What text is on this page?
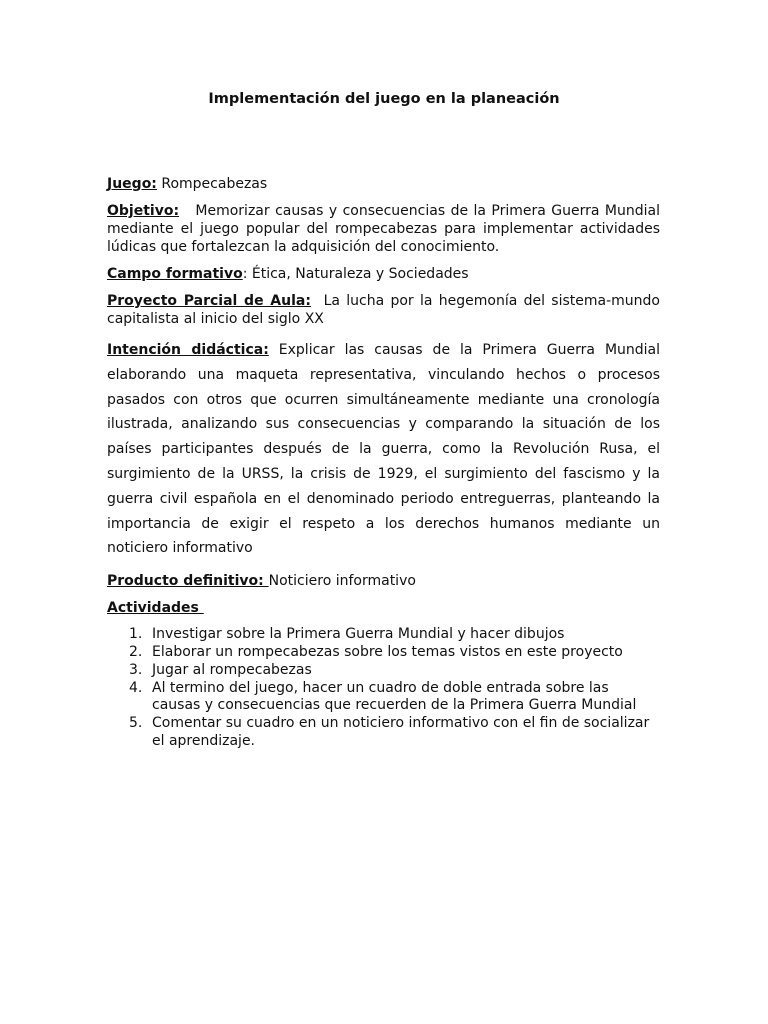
Implementación del juego en la planeación

Juego: Rompecabezas

Objetivo:   Memorizar causas y consecuencias de la Primera Guerra Mundial mediante el juego popular del rompecabezas para implementar actividades lúdicas que fortalezcan la adquisición del conocimiento.

Campo formativo: Ética, Naturaleza y Sociedades

Proyecto Parcial de Aula:  La lucha por la hegemonía del sistema-mundo capitalista al inicio del siglo XX

Intención didáctica: Explicar las causas de la Primera Guerra Mundial elaborando una maqueta representativa, vinculando hechos o procesos pasados con otros que ocurren simultáneamente mediante una cronología ilustrada, analizando sus consecuencias y comparando la situación de los países participantes después de la guerra, como la Revolución Rusa, el surgimiento de la URSS, la crisis de 1929, el surgimiento del fascismo y la guerra civil española en el denominado periodo entreguerras, planteando la importancia de exigir el respeto a los derechos humanos mediante un noticiero informativo

Producto definitivo: Noticiero informativo

Actividades

1. Investigar sobre la Primera Guerra Mundial y hacer dibujos
2. Elaborar un rompecabezas sobre los temas vistos en este proyecto
3. Jugar al rompecabezas
4. Al termino del juego, hacer un cuadro de doble entrada sobre las causas y consecuencias que recuerden de la Primera Guerra Mundial
5. Comentar su cuadro en un noticiero informativo con el fin de socializar el aprendizaje.
